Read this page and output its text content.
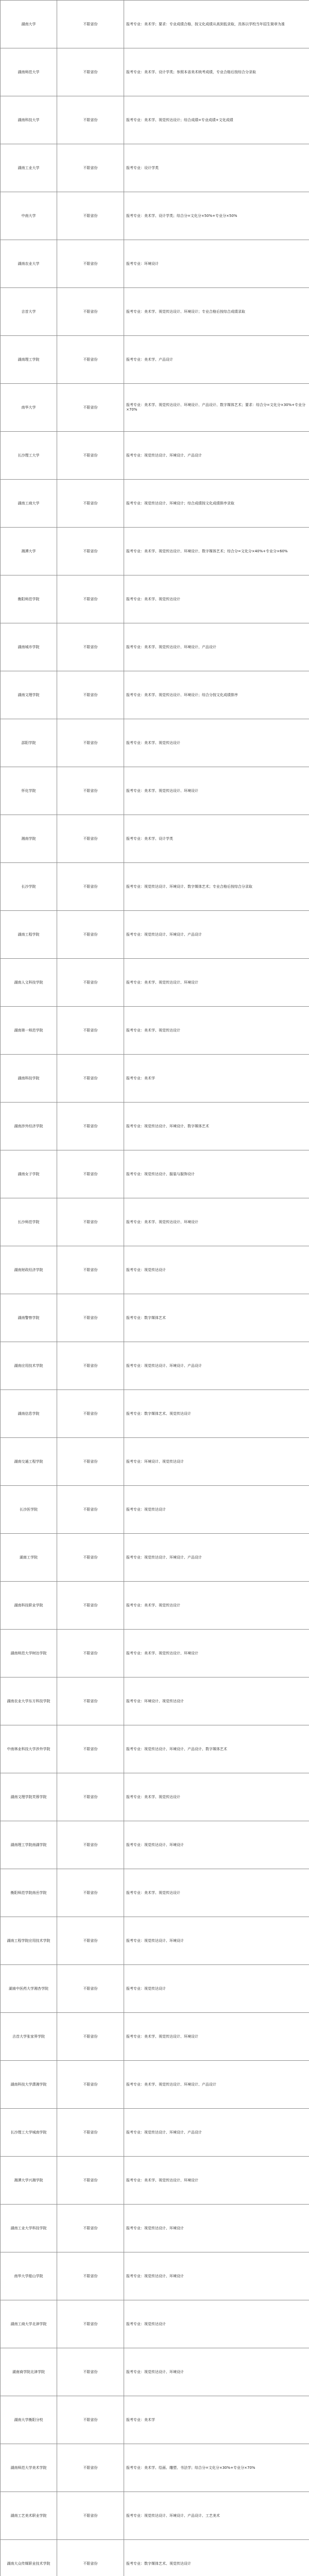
湖南大学	不限省份	报考专业：美术学；要求：专业成绩合格，按文化成绩从高到低录取，具体以学校当年招生简章为准
湖南师范大学	不限省份	报考专业：美术学、设计学类；参照本省美术统考成绩，专业合格后按综合分录取
湖南科技大学	不限省份	报考专业：美术学、视觉传达设计；综合成绩=专业成绩+文化成绩
湖南工业大学	不限省份	报考专业：设计学类
中南大学	不限省份	报考专业：美术学、设计学类；综合分=文化分×50%+专业分×50%
湖南农业大学	不限省份	报考专业：环境设计
吉首大学	不限省份	报考专业：美术学、视觉传达设计、环境设计；专业合格后按综合成绩录取
湖南理工学院	不限省份	报考专业：美术学、产品设计
南华大学	不限省份	报考专业：美术学、视觉传达设计、环境设计、产品设计、数字媒体艺术；要求：综合分=文化分×30%+专业分×70%
长沙理工大学	不限省份	报考专业：视觉传达设计、环境设计、产品设计
湖南工商大学	不限省份	报考专业：视觉传达设计、环境设计；综合成绩按文化成绩排序录取
湘潭大学	不限省份	报考专业：美术学、视觉传达设计、环境设计、数字媒体艺术；综合分=文化分×40%+专业分×60%
衡阳师范学院	不限省份	报考专业：美术学、视觉传达设计
湖南城市学院	不限省份	报考专业：美术学、视觉传达设计、环境设计、产品设计
湖南文理学院	不限省份	报考专业：美术学、视觉传达设计、环境设计；综合分按文化成绩排序
邵阳学院	不限省份	报考专业：美术学、视觉传达设计
怀化学院	不限省份	报考专业：美术学、视觉传达设计、环境设计
湘南学院	不限省份	报考专业：美术学、设计学类
长沙学院	不限省份	报考专业：视觉传达设计、环境设计、数字媒体艺术；专业合格后按综合分录取
湖南工程学院	不限省份	报考专业：视觉传达设计、环境设计、产品设计
湖南人文科技学院	不限省份	报考专业：美术学、视觉传达设计、环境设计
湖南第一师范学院	不限省份	报考专业：美术学、视觉传达设计
湖南科技学院	不限省份	报考专业：美术学
湖南涉外经济学院	不限省份	报考专业：视觉传达设计、环境设计、数字媒体艺术
湖南女子学院	不限省份	报考专业：视觉传达设计、服装与服饰设计
长沙师范学院	不限省份	报考专业：美术学、视觉传达设计、环境设计
湖南财政经济学院	不限省份	报考专业：视觉传达设计
湖南警察学院	不限省份	报考专业：数字媒体艺术
湖南应用技术学院	不限省份	报考专业：视觉传达设计、环境设计、产品设计
湖南信息学院	不限省份	报考专业：数字媒体艺术、视觉传达设计
湖南交通工程学院	不限省份	报考专业：环境设计、视觉传达设计
长沙医学院	不限省份	报考专业：视觉传达设计
湖南工学院	不限省份	报考专业：视觉传达设计、环境设计、产品设计
湖南科技职业学院	不限省份	报考专业：美术学、视觉传达设计
湖南师范大学树达学院	不限省份	报考专业：美术学、视觉传达设计、环境设计
湖南农业大学东方科技学院	不限省份	报考专业：环境设计、视觉传达设计
中南林业科技大学涉外学院	不限省份	报考专业：视觉传达设计、环境设计、产品设计、数字媒体艺术
湖南文理学院芙蓉学院	不限省份	报考专业：美术学、视觉传达设计
湖南理工学院南湖学院	不限省份	报考专业：视觉传达设计、环境设计
衡阳师范学院南岳学院	不限省份	报考专业：美术学、视觉传达设计
湖南工程学院应用技术学院	不限省份	报考专业：视觉传达设计、环境设计
湖南中医药大学湘杏学院	不限省份	报考专业：视觉传达设计
吉首大学张家界学院	不限省份	报考专业：美术学、视觉传达设计、环境设计
湖南科技大学潇湘学院	不限省份	报考专业：美术学、视觉传达设计、环境设计、产品设计
长沙理工大学城南学院	不限省份	报考专业：视觉传达设计、环境设计、产品设计
湘潭大学兴湘学院	不限省份	报考专业：美术学、视觉传达设计、环境设计
湖南工业大学科技学院	不限省份	报考专业：视觉传达设计、环境设计
南华大学船山学院	不限省份	报考专业：视觉传达设计、环境设计
湖南工商大学北津学院	不限省份	报考专业：视觉传达设计
湖南商学院北津学院	不限省份	报考专业：视觉传达设计、环境设计
湖南大学衡阳分校	不限省份	报考专业：美术学
湖南师范大学美术学院	不限省份	报考专业：美术学、绘画、雕塑、书法学；综合分=文化分×30%+专业分×70%
湖南工艺美术职业学院	不限省份	报考专业：视觉传达设计、环境设计、产品设计、工艺美术
湖南大众传媒职业技术学院	不限省份	报考专业：数字媒体艺术、视觉传达设计
